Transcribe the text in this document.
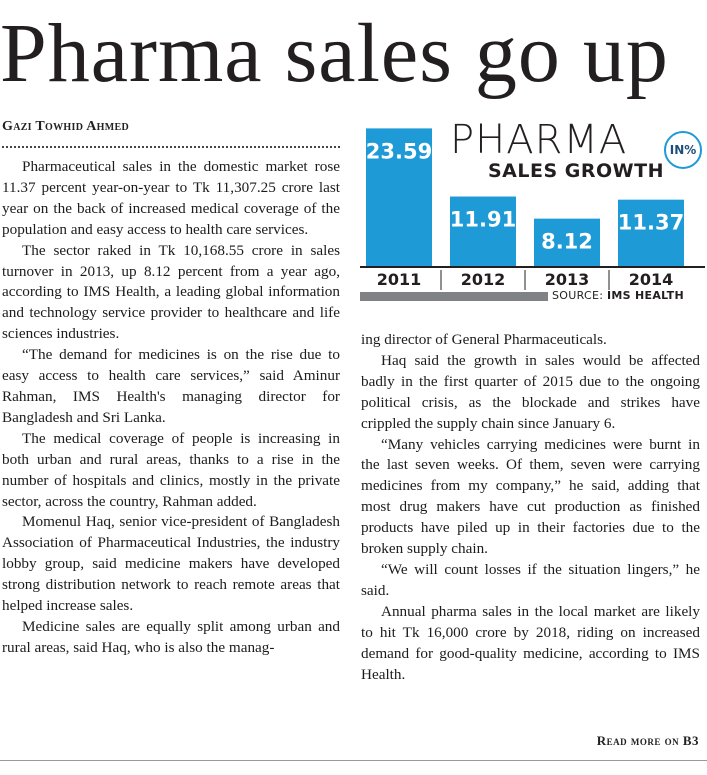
Pharma sales go up
Gazi Towhid Ahmed

Pharmaceutical sales in the domestic market rose 11.37 percent year-on-year to Tk 11,307.25 crore last year on the back of increased medical coverage of the population and easy access to health care services.

The sector raked in Tk 10,168.55 crore in sales turnover in 2013, up 8.12 percent from a year ago, according to IMS Health, a leading global information and technology service provider to healthcare and life sciences industries.

“The demand for medicines is on the rise due to easy access to health care services,” said Aminur Rahman, IMS Health's managing director for Bangladesh and Sri Lanka.

The medical coverage of people is increasing in both urban and rural areas, thanks to a rise in the number of hospitals and clinics, mostly in the private sector, across the country, Rahman added.

Momenul Haq, senior vice-president of Bangladesh Association of Pharmaceutical Industries, the industry lobby group, said medicine makers have developed strong distribution network to reach remote areas that helped increase sales.

Medicine sales are equally split among urban and rural areas, said Haq, who is also the manag-

23.59
2011
11.91
2012
8.12
2013
11.37
2014
PHARMA
SALES GROWTH
IN%
SOURCE: IMS HEALTH

ing director of General Pharmaceuticals.

Haq said the growth in sales would be affected badly in the first quarter of 2015 due to the ongoing political crisis, as the blockade and strikes have crippled the supply chain since January 6.

“Many vehicles carrying medicines were burnt in the last seven weeks. Of them, seven were carrying medicines from my company,” he said, adding that most drug makers have cut production as finished products have piled up in their factories due to the broken supply chain.

“We will count losses if the situation lingers,” he said.

Annual pharma sales in the local market are likely to hit Tk 16,000 crore by 2018, riding on increased demand for good-quality medicine, according to IMS Health.

Read more on B3
